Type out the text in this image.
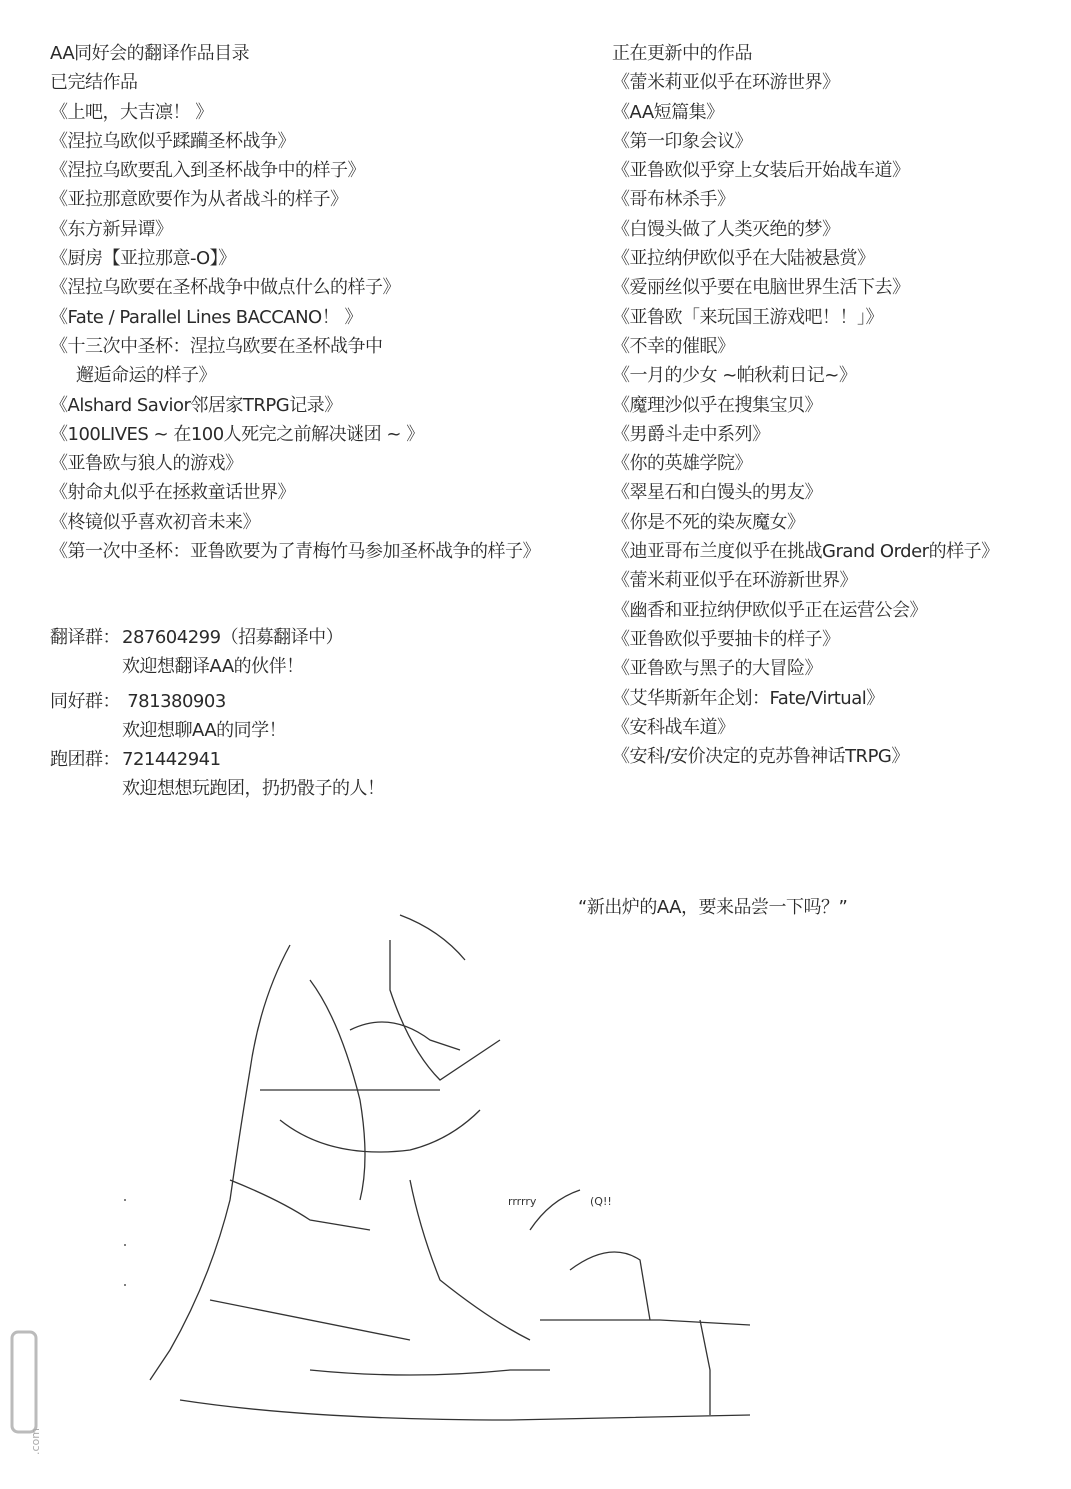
AA同好会的翻译作品目录
已完结作品
《上吧，大吉凛！ 》
《涅拉乌欧似乎蹂躏圣杯战争》
《涅拉乌欧要乱入到圣杯战争中的样子》
《亚拉那意欧要作为从者战斗的样子》
《东方新异谭》
《厨房【亚拉那意-O】》
《涅拉乌欧要在圣杯战争中做点什么的样子》
《Fate / Parallel Lines BACCANO！ 》
《十三次中圣杯：涅拉乌欧要在圣杯战争中
邂逅命运的样子》
《Alshard Savior邻居家TRPG记录》
《100LIVES ~ 在100人死完之前解决谜团 ~ 》
《亚鲁欧与狼人的游戏》
《射命丸似乎在拯救童话世界》
《柊镜似乎喜欢初音未来》
《第一次中圣杯：亚鲁欧要为了青梅竹马参加圣杯战争的样子》
正在更新中的作品
《蕾米莉亚似乎在环游世界》
《AA短篇集》
《第一印象会议》
《亚鲁欧似乎穿上女装后开始战车道》
《哥布林杀手》
《白馒头做了人类灭绝的梦》
《亚拉纳伊欧似乎在大陆被悬赏》
《爱丽丝似乎要在电脑世界生活下去》
《亚鲁欧「来玩国王游戏吧！！」》
《不幸的催眠》
《一月的少女 ~帕秋莉日记~》
《魔理沙似乎在搜集宝贝》
《男爵斗走中系列》
《你的英雄学院》
《翠星石和白馒头的男友》
《你是不死的染灰魔女》
《迪亚哥布兰度似乎在挑战Grand Order的样子》
《蕾米莉亚似乎在环游新世界》
《幽香和亚拉纳伊欧似乎正在运营公会》
《亚鲁欧似乎要抽卡的样子》
《亚鲁欧与黑子的大冒险》
《艾华斯新年企划：Fate/Virtual》
《安科战车道》
《安科/安价决定的克苏鲁神话TRPG》
翻译群： 287604299（招募翻译中）
欢迎想翻译AA的伙伴！
同好群： 781380903
欢迎想聊AA的同学！
跑团群： 721442941
欢迎想想玩跑团，扔扔骰子的人！
“新出炉的AA，要来品尝一下吗？”
rrrrry	(Q!!
.com
